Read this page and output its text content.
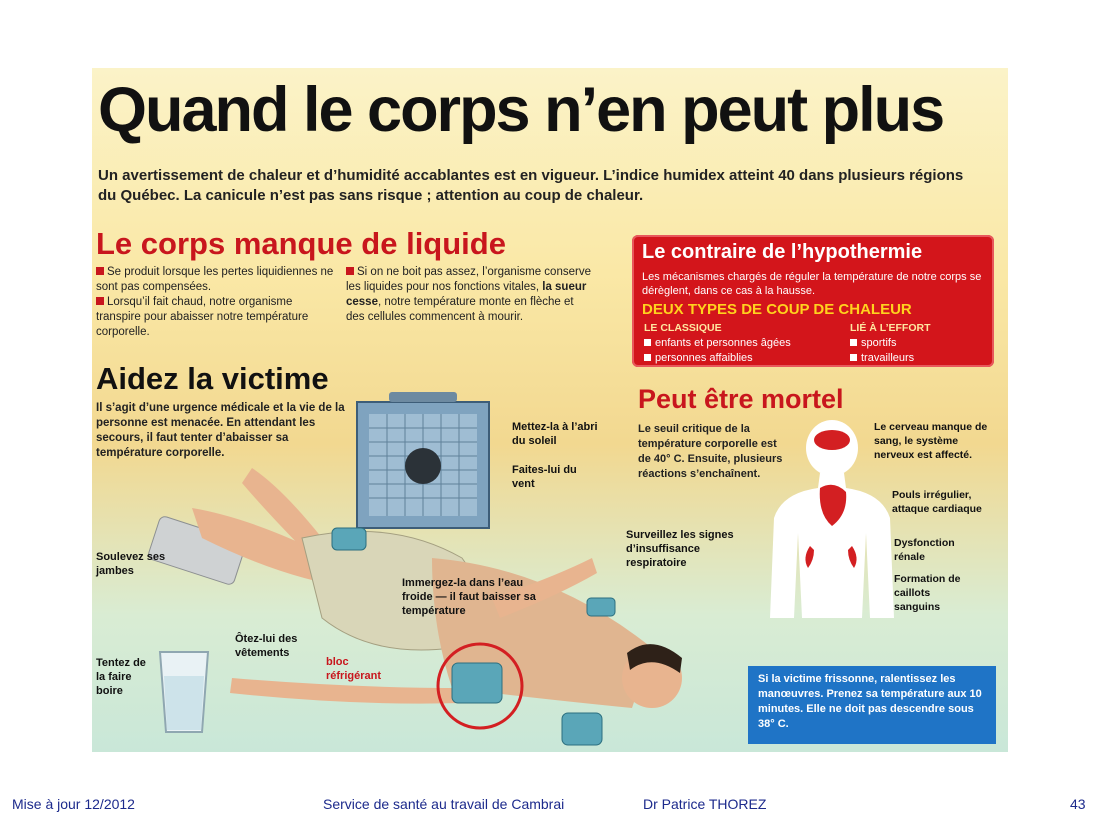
Quand le corps n’en peut plus
Un avertissement de chaleur et d’humidité accablantes est en vigueur. L’indice humidex atteint 40 dans plusieurs régions du Québec. La canicule n’est pas sans risque ; attention au coup de chaleur.
Le corps manque de liquide
Se produit lorsque les pertes liquidiennes ne sont pas compensées.
Lorsqu’il fait chaud, notre organisme transpire pour abaisser notre température corporelle.
Si on ne boit pas assez, l’organisme conserve les liquides pour nos fonctions vitales, la sueur cesse, notre température monte en flèche et des cellules commencent à mourir.
Le contraire de l’hypothermie
Les mécanismes chargés de réguler la température de notre corps se dérèglent, dans ce cas à la hausse.
DEUX TYPES DE COUP DE CHALEUR
LE CLASSIQUE
enfants et personnes âgées
personnes affaiblies
LIÉ À L’EFFORT
sportifs
travailleurs
Aidez la victime
Il s’agit d’une urgence médicale et la vie de la personne est menacée. En attendant les secours, il faut tenter d’abaisser sa température corporelle.
Mettez-la à l’abri du soleil
Faites-lui du vent
Soulevez ses jambes
Surveillez les signes d’insuffisance respiratoire
Immergez-la dans l’eau froide — il faut baisser sa température
Ôtez-lui des vêtements
bloc réfrigérant
Tentez de la faire boire
Peut être mortel
Le seuil critique de la température corporelle est de 40° C. Ensuite, plusieurs réactions s’enchaînent.
Le cerveau manque de sang, le système nerveux est affecté.
Pouls irrégulier, attaque cardiaque
Dysfonction rénale
Formation de caillots sanguins
Si la victime frissonne, ralentissez les manœuvres. Prenez sa température aux 10 minutes. Elle ne doit pas descendre sous 38° C.
Mise à jour 12/2012	Service de santé au travail de Cambrai	Dr Patrice THOREZ	43
